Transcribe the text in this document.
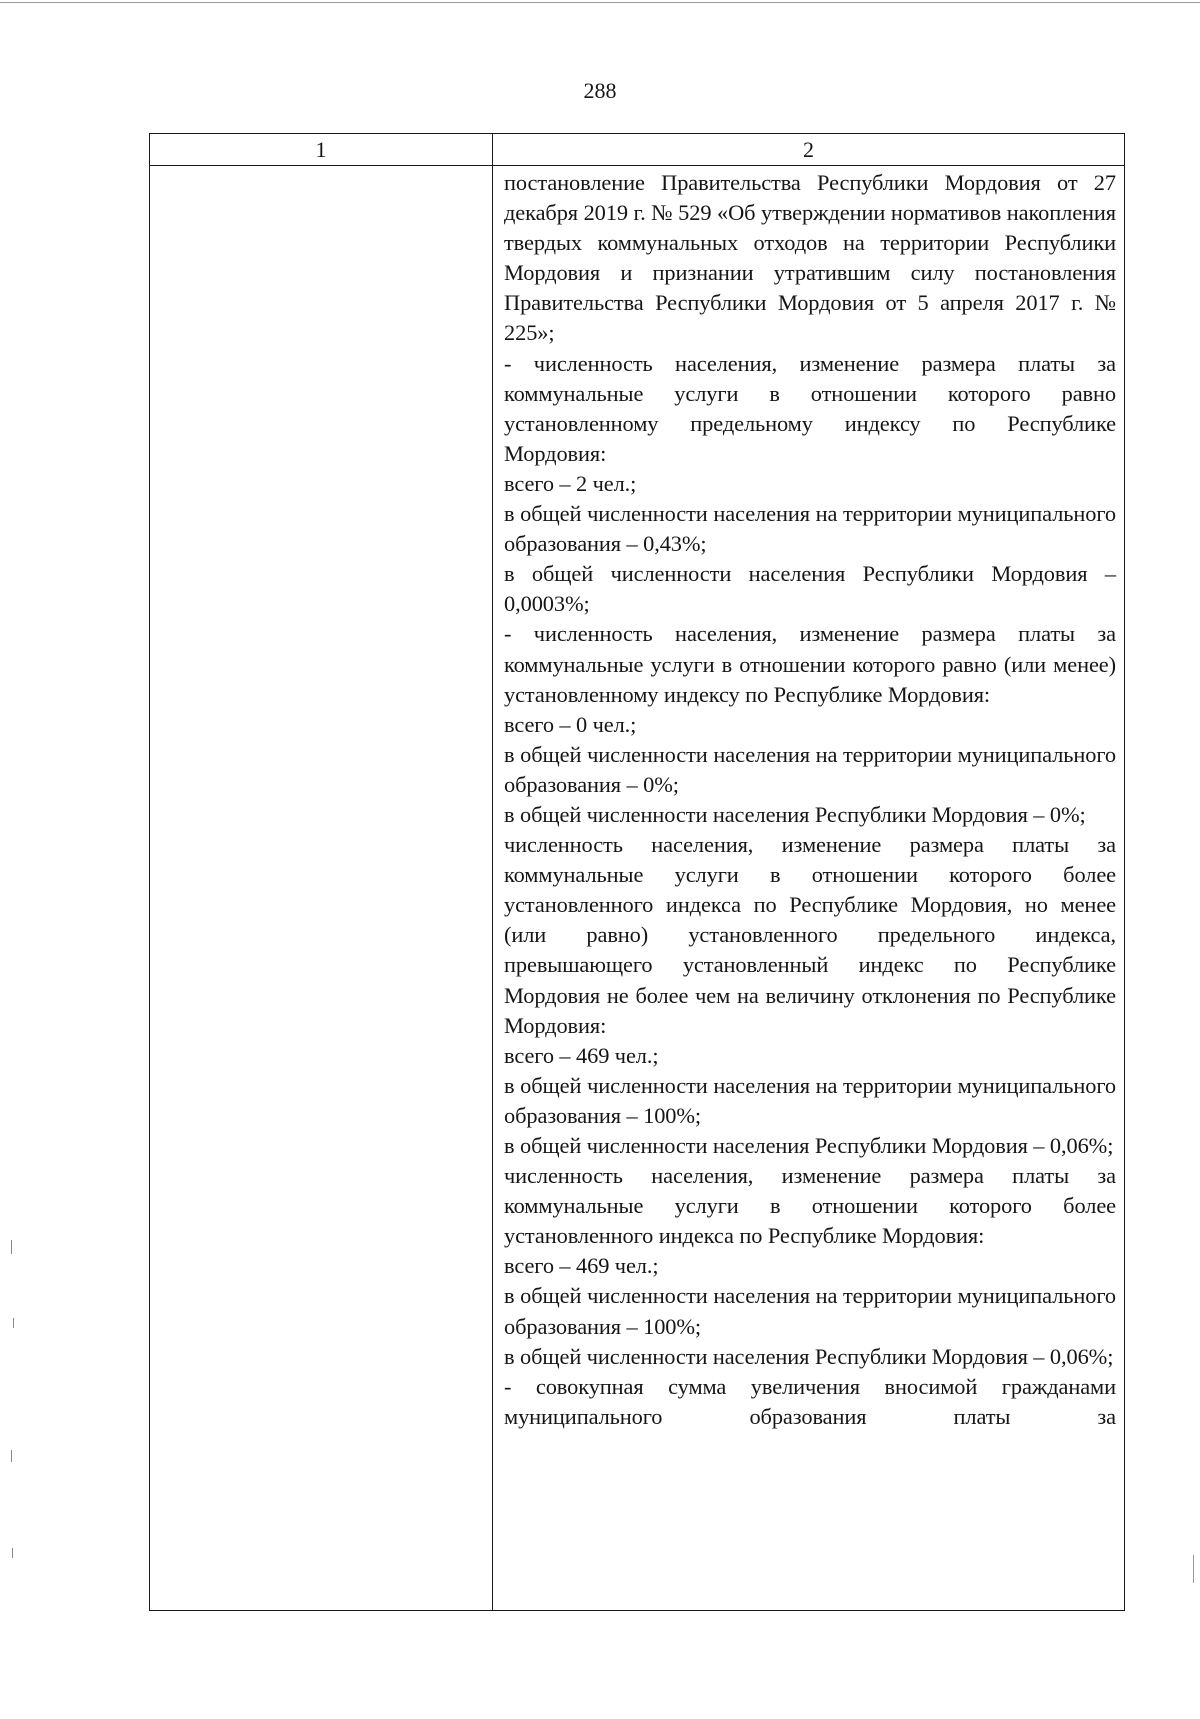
288
1	2

постановление Правительства Республики Мордовия от 27 декабря 2019 г. № 529 «Об утверждении нормативов накопления твердых коммунальных отходов на территории Республики Мордовия и признании утратившим силу постановления Правительства Республики Мордовия от 5 апреля 2017 г. № 225»;

- численность населения, изменение размера платы за коммунальные услуги в отношении которого равно установленному предельному индексу по Республике Мордовия:

всего – 2 чел.;

в общей численности населения на территории муниципального образования – 0,43%;

в общей численности населения Республики Мордовия – 0,0003%;

- численность населения, изменение размера платы за коммунальные услуги в отношении которого равно (или менее) установленному индексу по Республике Мордовия:

всего – 0 чел.;

в общей численности населения на территории муниципального образования – 0%;

в общей численности населения Республики Мордовия – 0%;

численность населения, изменение размера платы за коммунальные услуги в отношении которого более установленного индекса по Республике Мордовия, но менее (или равно) установленного предельного индекса, превышающего установленный индекс по Республике Мордовия не более чем на величину отклонения по Республике Мордовия:

всего – 469 чел.;

в общей численности населения на территории муниципального образования – 100%;

в общей численности населения Республики Мордовия – 0,06%;

численность населения, изменение размера платы за коммунальные услуги в отношении которого более установленного индекса по Республике Мордовия:

всего – 469 чел.;

в общей численности населения на территории муниципального образования – 100%;

в общей численности населения Республики Мордовия – 0,06%;

- совокупная сумма увеличения вносимой гражданами муниципального образования платы за
